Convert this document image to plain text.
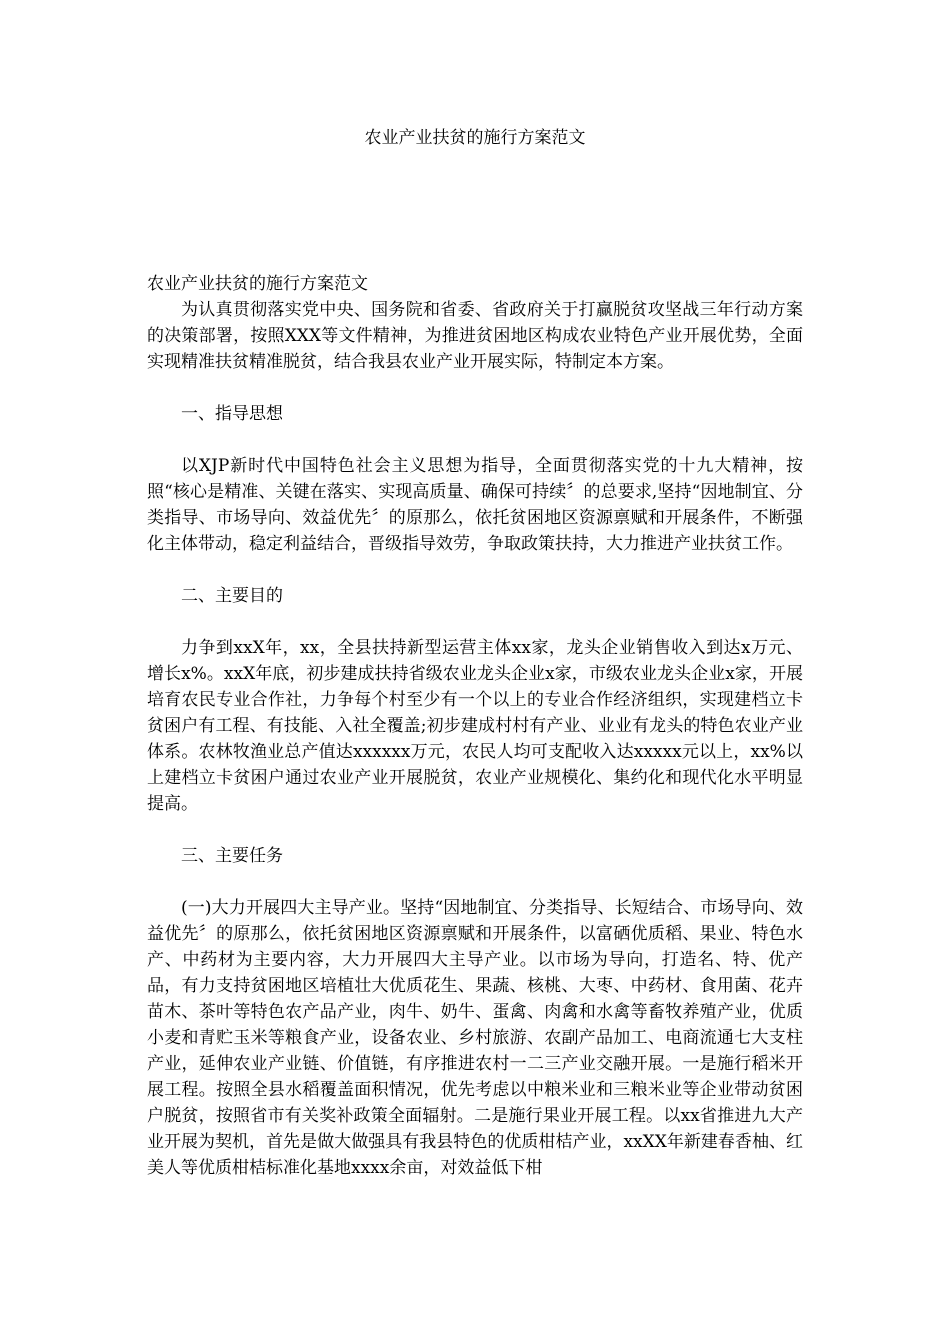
农业产业扶贫的施行方案范文

农业产业扶贫的施行方案范文

为认真贯彻落实党中央、国务院和省委、省政府关于打赢脱贫攻坚战三年行动方案的决策部署，按照XXX等文件精神，为推进贫困地区构成农业特色产业开展优势，全面实现精准扶贫精准脱贫，结合我县农业产业开展实际，特制定本方案。

一、指导思想

以XJP新时代中国特色社会主义思想为指导，全面贯彻落实党的十九大精神，按照“核心是精准、关键在落实、实现高质量、确保可持续〞的总要求,坚持“因地制宜、分类指导、市场导向、效益优先〞的原那么，依托贫困地区资源禀赋和开展条件，不断强化主体带动，稳定利益结合，晋级指导效劳，争取政策扶持，大力推进产业扶贫工作。

二、主要目的

力争到xxX年，xx，全县扶持新型运营主体xx家，龙头企业销售收入到达x万元、增长x%。xxX年底，初步建成扶持省级农业龙头企业x家，市级农业龙头企业x家，开展培育农民专业合作社，力争每个村至少有一个以上的专业合作经济组织，实现建档立卡贫困户有工程、有技能、入社全覆盖;初步建成村村有产业、业业有龙头的特色农业产业体系。农林牧渔业总产值达xxxxxx万元，农民人均可支配收入达xxxxx元以上，xx%以上建档立卡贫困户通过农业产业开展脱贫，农业产业规模化、集约化和现代化水平明显提高。

三、主要任务

(一)大力开展四大主导产业。坚持“因地制宜、分类指导、长短结合、市场导向、效益优先〞的原那么，依托贫困地区资源禀赋和开展条件，以富硒优质稻、果业、特色水产、中药材为主要内容，大力开展四大主导产业。以市场为导向，打造名、特、优产品，有力支持贫困地区培植壮大优质花生、果蔬、核桃、大枣、中药材、食用菌、花卉苗木、茶叶等特色农产品产业，肉牛、奶牛、蛋禽、肉禽和水禽等畜牧养殖产业，优质小麦和青贮玉米等粮食产业，设备农业、乡村旅游、农副产品加工、电商流通七大支柱产业，延伸农业产业链、价值链，有序推进农村一二三产业交融开展。一是施行稻米开展工程。按照全县水稻覆盖面积情况，优先考虑以中粮米业和三粮米业等企业带动贫困户脱贫，按照省市有关奖补政策全面辐射。二是施行果业开展工程。以xx省推进九大产业开展为契机，首先是做大做强具有我县特色的优质柑桔产业，xxXX年新建春香柚、红美人等优质柑桔标准化基地xxxx余亩，对效益低下柑
